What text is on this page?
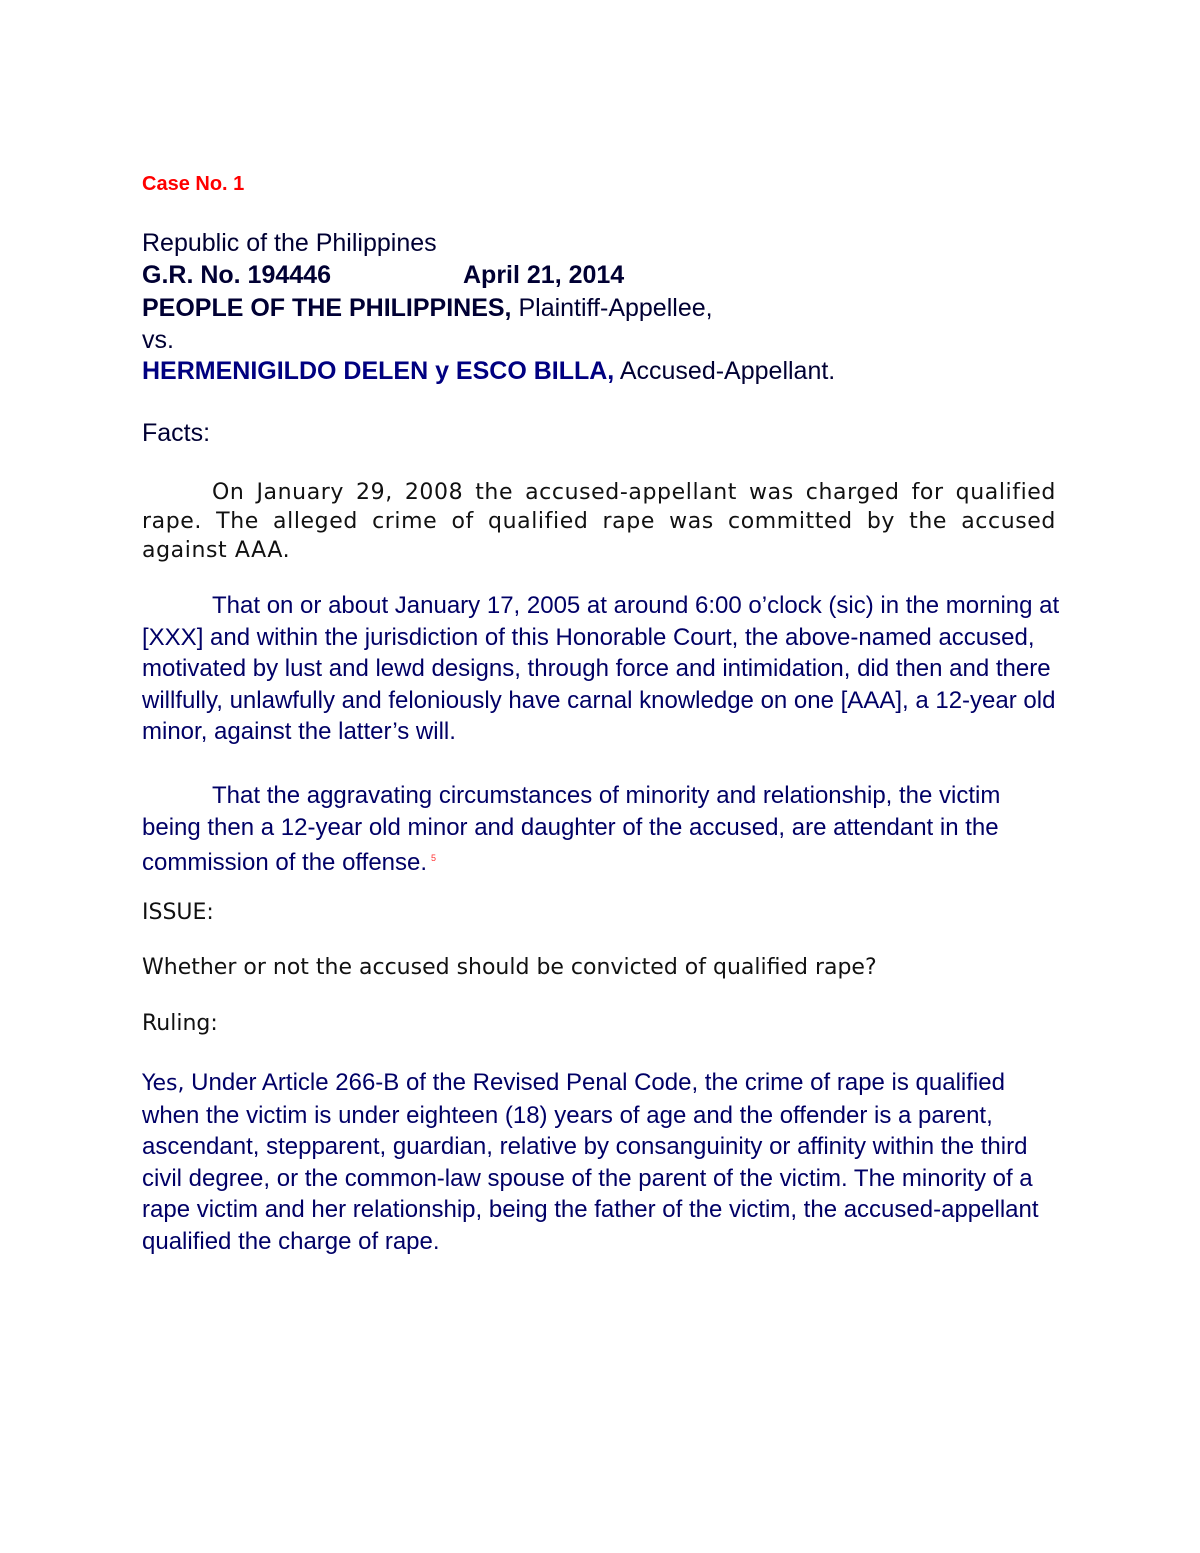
Case No. 1
Republic of the Philippines
G.R. No. 194446	April 21, 2014
PEOPLE OF THE PHILIPPINES, Plaintiff-Appellee,
vs.
HERMENIGILDO DELEN y ESCO BILLA, Accused-Appellant.
Facts:
On January 29, 2008 the accused-appellant was charged for qualified rape. The alleged crime of qualified rape was committed by the accused against AAA.
That on or about January 17, 2005 at around 6:00 o’clock (sic) in the morning at [XXX] and within the jurisdiction of this Honorable Court, the above-named accused, motivated by lust and lewd designs, through force and intimidation, did then and there willfully, unlawfully and feloniously have carnal knowledge on one [AAA], a 12-year old minor, against the latter’s will.
That the aggravating circumstances of minority and relationship, the victim being then a 12-year old minor and daughter of the accused, are attendant in the commission of the offense. $^5$
ISSUE:
Whether or not the accused should be convicted of qualified rape?
Ruling:
Yes, Under Article 266-B of the Revised Penal Code, the crime of rape is qualified when the victim is under eighteen (18) years of age and the offender is a parent, ascendant, stepparent, guardian, relative by consanguinity or affinity within the third civil degree, or the common-law spouse of the parent of the victim. The minority of a rape victim and her relationship, being the father of the victim, the accused-appellant qualified the charge of rape.
